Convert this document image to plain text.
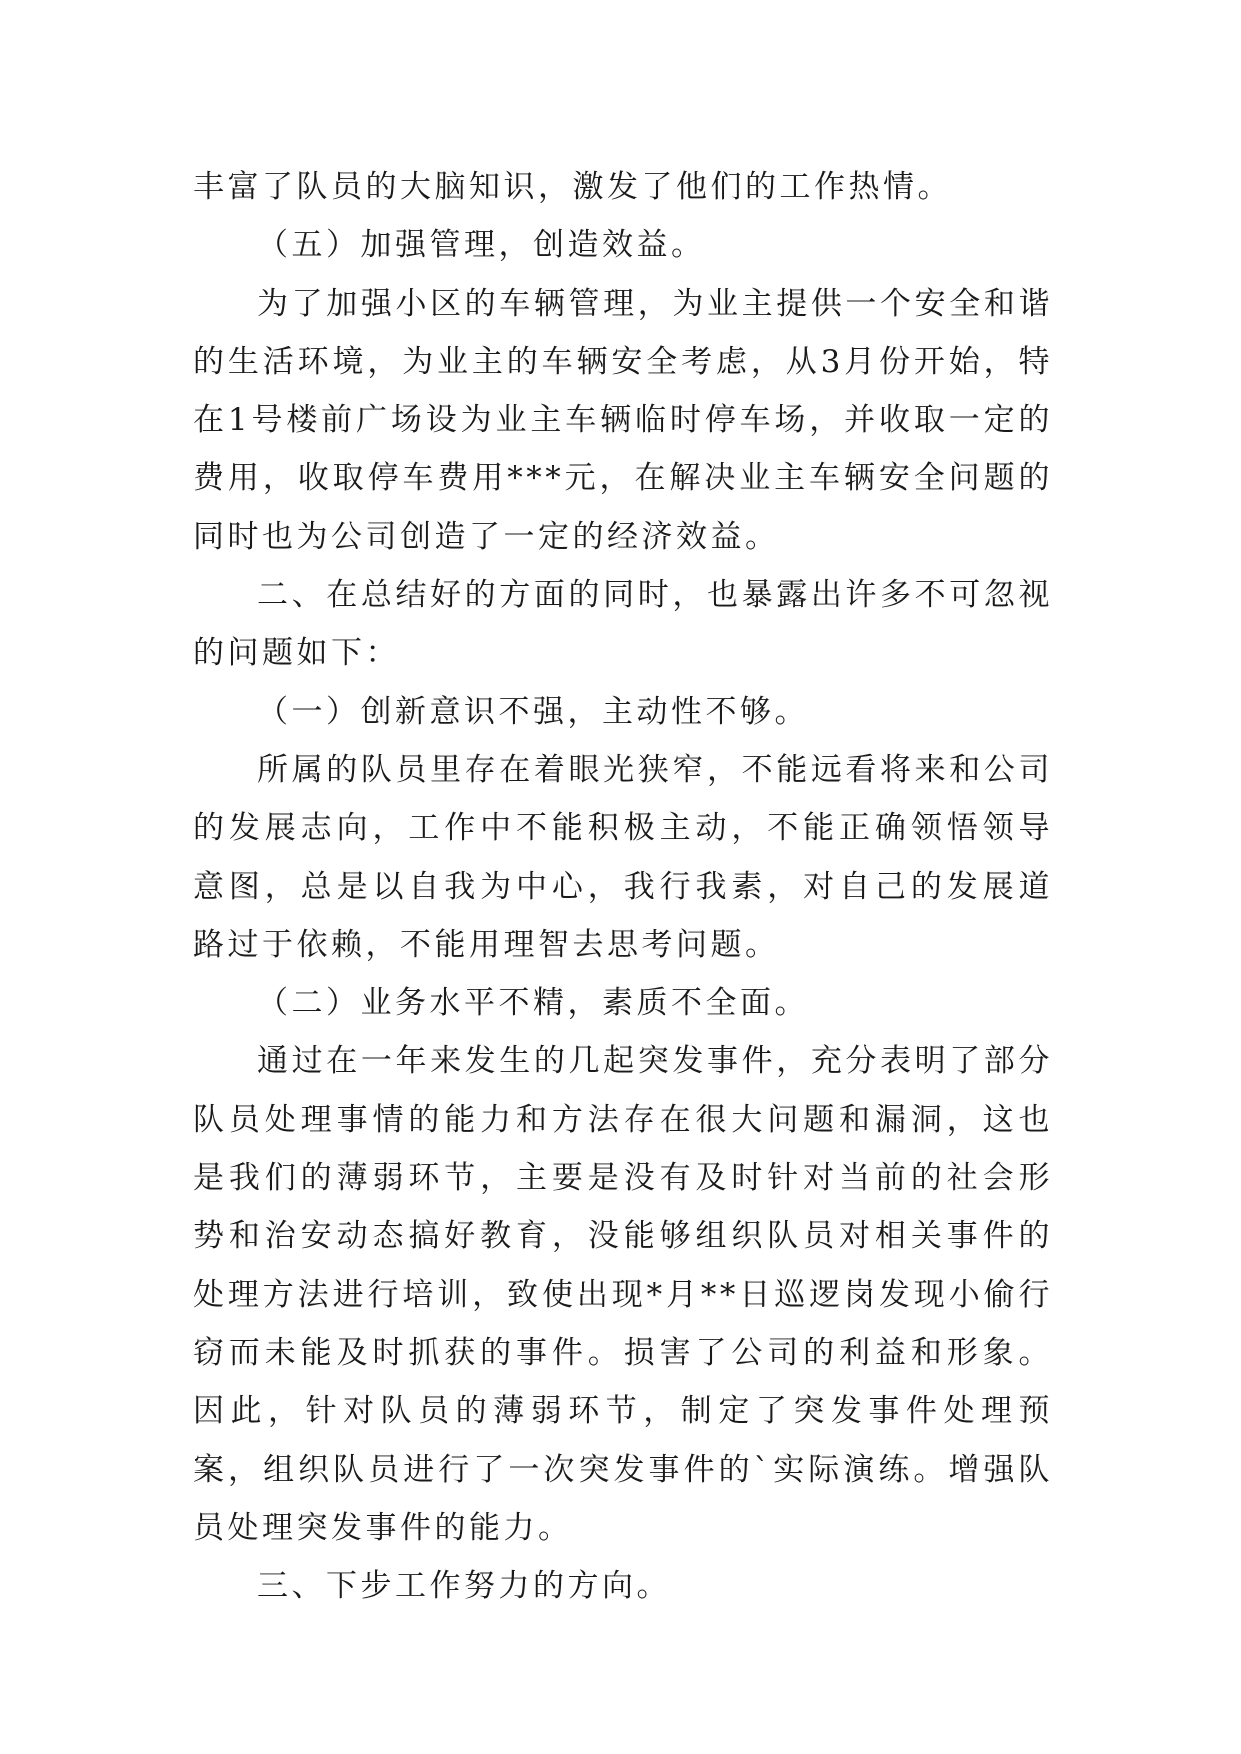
丰富了队员的大脑知识，激发了他们的工作热情。

（五）加强管理，创造效益。

为了加强小区的车辆管理，为业主提供一个安全和谐的生活环境，为业主的车辆安全考虑，从3月份开始，特在1号楼前广场设为业主车辆临时停车场，并收取一定的费用，收取停车费用***元，在解决业主车辆安全问题的同时也为公司创造了一定的经济效益。

二、在总结好的方面的同时，也暴露出许多不可忽视的问题如下：

（一）创新意识不强，主动性不够。

所属的队员里存在着眼光狭窄，不能远看将来和公司的发展志向，工作中不能积极主动，不能正确领悟领导意图，总是以自我为中心，我行我素，对自己的发展道路过于依赖，不能用理智去思考问题。

（二）业务水平不精，素质不全面。

通过在一年来发生的几起突发事件，充分表明了部分队员处理事情的能力和方法存在很大问题和漏洞，这也是我们的薄弱环节，主要是没有及时针对当前的社会形势和治安动态搞好教育，没能够组织队员对相关事件的处理方法进行培训，致使出现*月**日巡逻岗发现小偷行窃而未能及时抓获的事件。损害了公司的利益和形象。因此，针对队员的薄弱环节，制定了突发事件处理预案，组织队员进行了一次突发事件的`实际演练。增强队员处理突发事件的能力。

三、下步工作努力的方向。
